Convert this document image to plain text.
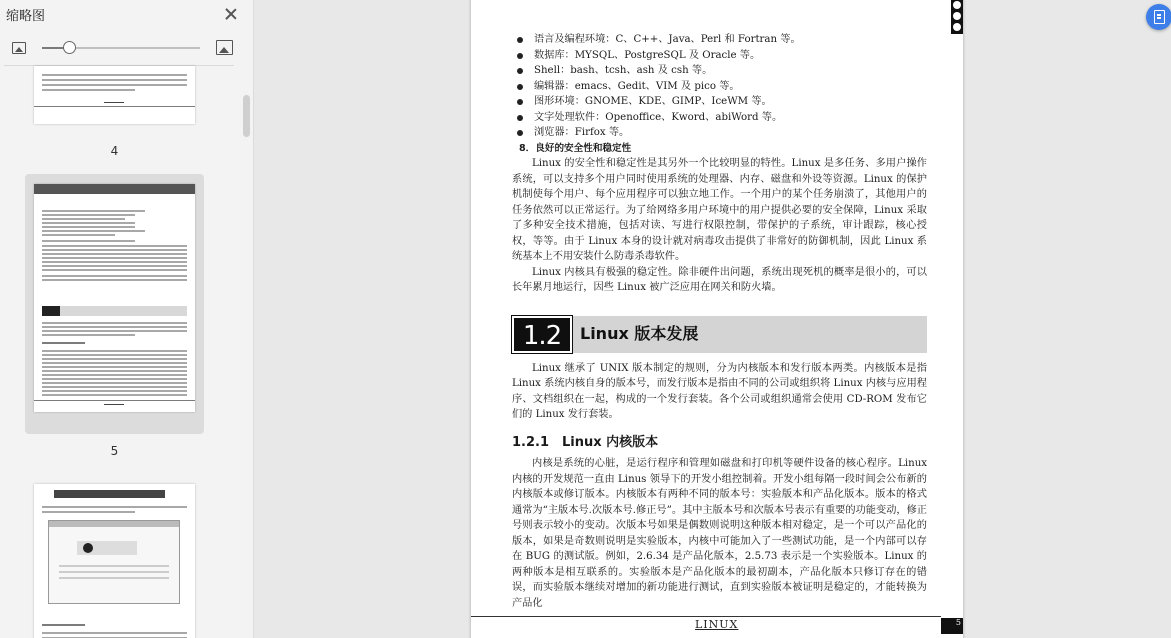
缩略图
4
5
语言及编程环境：C、C++、Java、Perl 和 Fortran 等。
数据库：MYSQL、PostgreSQL 及 Oracle 等。
Shell：bash、tcsh、ash 及 csh 等。
编辑器：emacs、Gedit、VIM 及 pico 等。
图形环境：GNOME、KDE、GIMP、IceWM 等。
文字处理软件：Openoffice、Kword、abiWord 等。
浏览器：Firfox 等。
8．良好的安全性和稳定性

Linux 的安全性和稳定性是其另外一个比较明显的特性。Linux 是多任务、多用户操作系统，可以支持多个用户同时使用系统的处理器、内存、磁盘和外设等资源。Linux 的保护机制使每个用户、每个应用程序可以独立地工作。一个用户的某个任务崩溃了，其他用户的任务依然可以正常运行。为了给网络多用户环境中的用户提供必要的安全保障，Linux 采取了多种安全技术措施，包括对读、写进行权限控制，带保护的子系统，审计跟踪，核心授权，等等。由于 Linux 本身的设计就对病毒攻击提供了非常好的防御机制，因此 Linux 系统基本上不用安装什么防毒杀毒软件。

Linux 内核具有极强的稳定性。除非硬件出问题，系统出现死机的概率是很小的，可以长年累月地运行，因些 Linux 被广泛应用在网关和防火墙。

1.2	Linux 版本发展

Linux 继承了 UNIX 版本制定的规则，分为内核版本和发行版本两类。内核版本是指 Linux 系统内核自身的版本号，而发行版本是指由不同的公司或组织将 Linux 内核与应用程序、文档组织在一起，构成的一个发行套装。各个公司或组织通常会使用 CD-ROM 发布它们的 Linux 发行套装。

1.2.1　Linux 内核版本

内核是系统的心脏，是运行程序和管理如磁盘和打印机等硬件设备的核心程序。Linux 内核的开发规范一直由 Linus 领导下的开发小组控制着。开发小组每隔一段时间会公布新的内核版本或修订版本。内核版本有两种不同的版本号：实验版本和产品化版本。版本的格式通常为“主版本号.次版本号.修正号”。其中主版本号和次版本号表示有重要的功能变动，修正号则表示较小的变动。次版本号如果是偶数则说明这种版本相对稳定，是一个可以产品化的版本，如果是奇数则说明是实验版本，内核中可能加入了一些测试功能，是一个内部可以存在 BUG 的测试版。例如，2.6.34 是产品化版本，2.5.73 表示是一个实验版本。Linux 的两种版本是相互联系的。实验版本是产品化版本的最初副本，产品化版本只修订存在的错误，而实验版本继续对增加的新功能进行测试，直到实验版本被证明是稳定的，才能转换为产品化

LINUX	5
